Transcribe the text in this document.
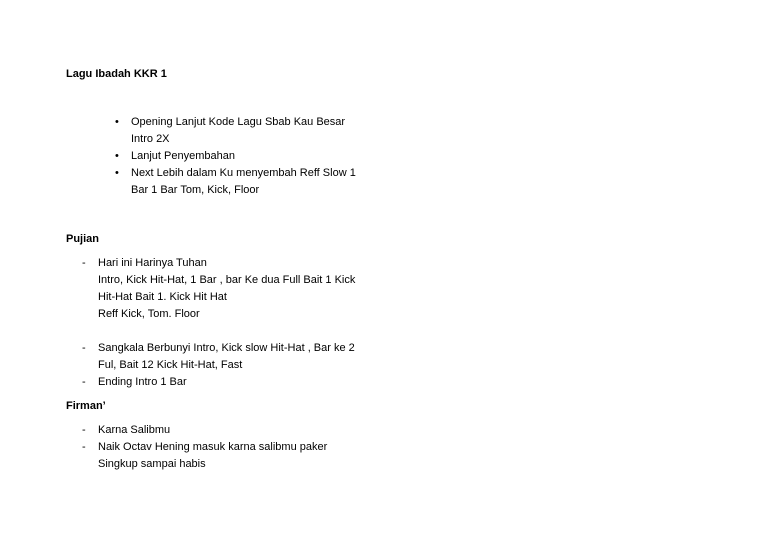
Lagu Ibadah KKR 1
• Opening Lanjut Kode Lagu Sbab Kau Besar
Intro 2X
• Lanjut Penyembahan
• Next Lebih dalam Ku menyembah Reff Slow 1
Bar 1 Bar Tom, Kick, Floor
Pujian
- Hari ini Harinya Tuhan
Intro, Kick Hit-Hat, 1 Bar , bar Ke dua Full Bait 1 Kick
Hit-Hat Bait 1. Kick Hit Hat
Reff Kick, Tom. Floor
- Sangkala Berbunyi Intro, Kick slow Hit-Hat , Bar ke 2
Ful, Bait 12 Kick Hit-Hat, Fast
- Ending Intro 1 Bar
Firman’
- Karna Salibmu
- Naik Octav Hening masuk karna salibmu paker
Singkup sampai habis
